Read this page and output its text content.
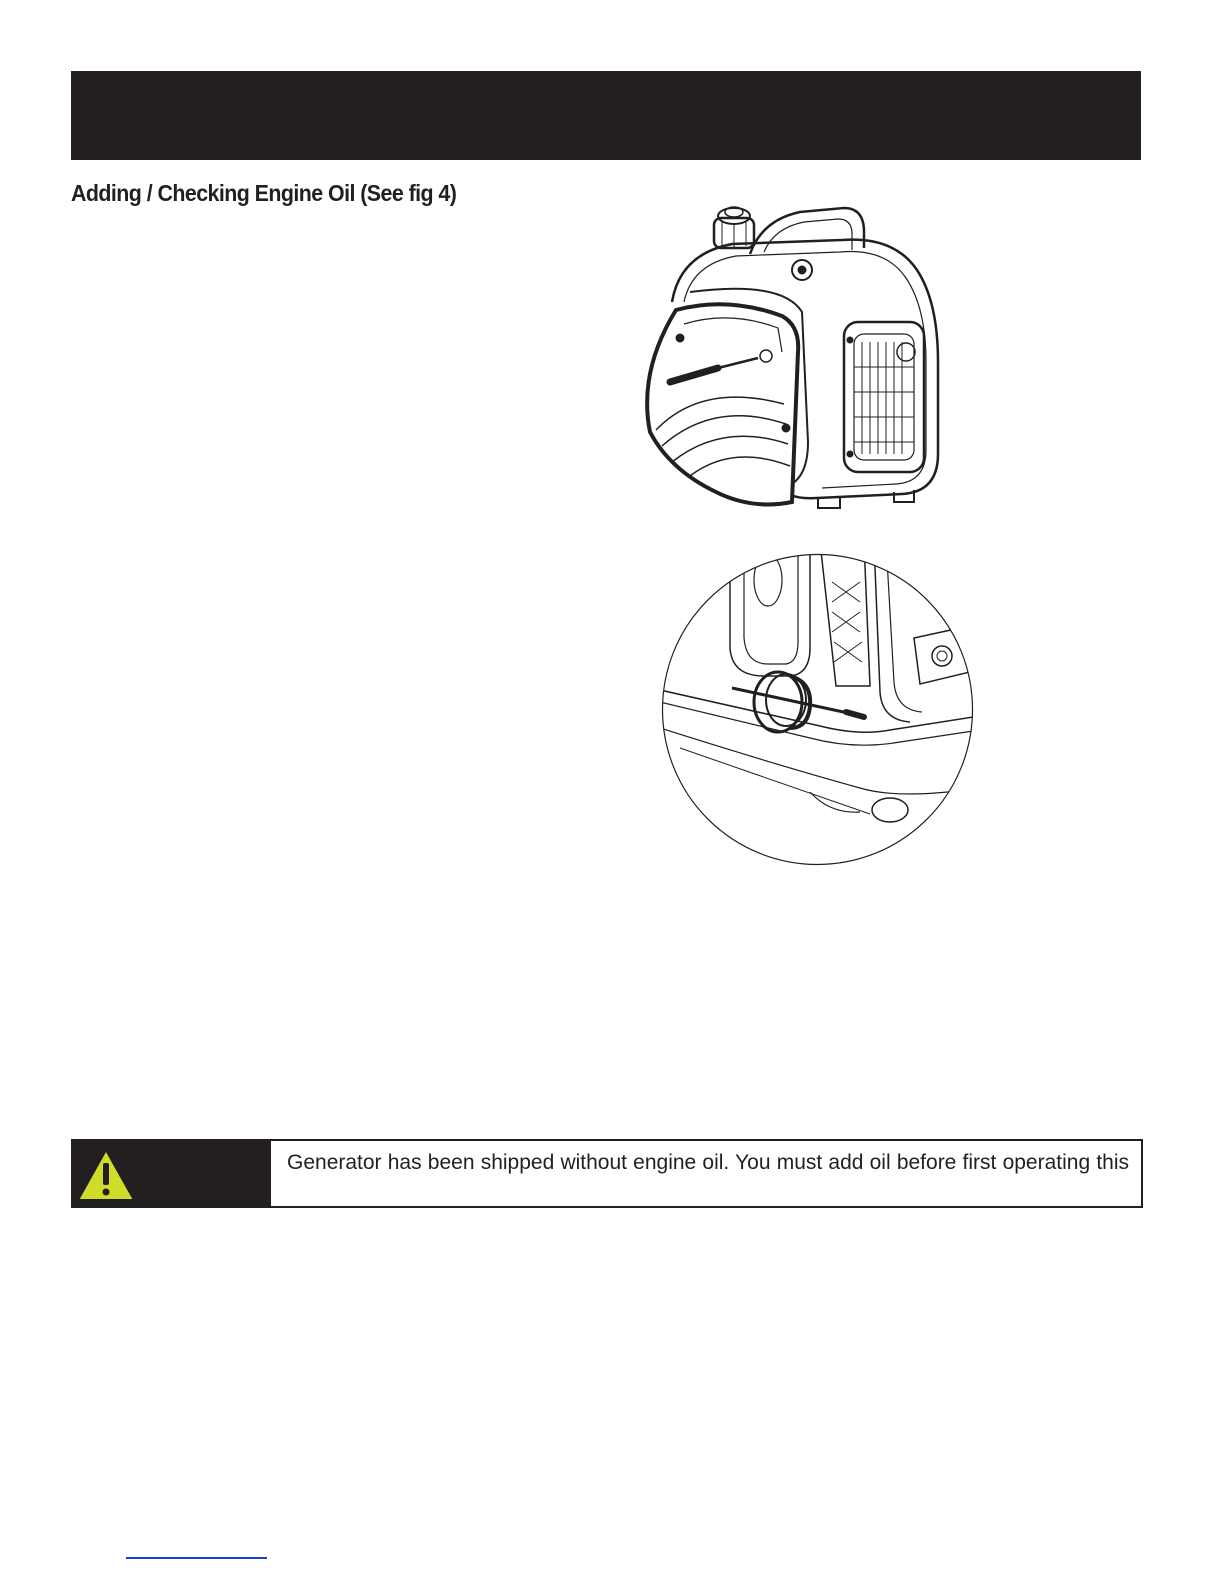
Adding / Checking Engine Oil (See fig 4)

Generator has been shipped without engine oil. You must add oil before first operating this
